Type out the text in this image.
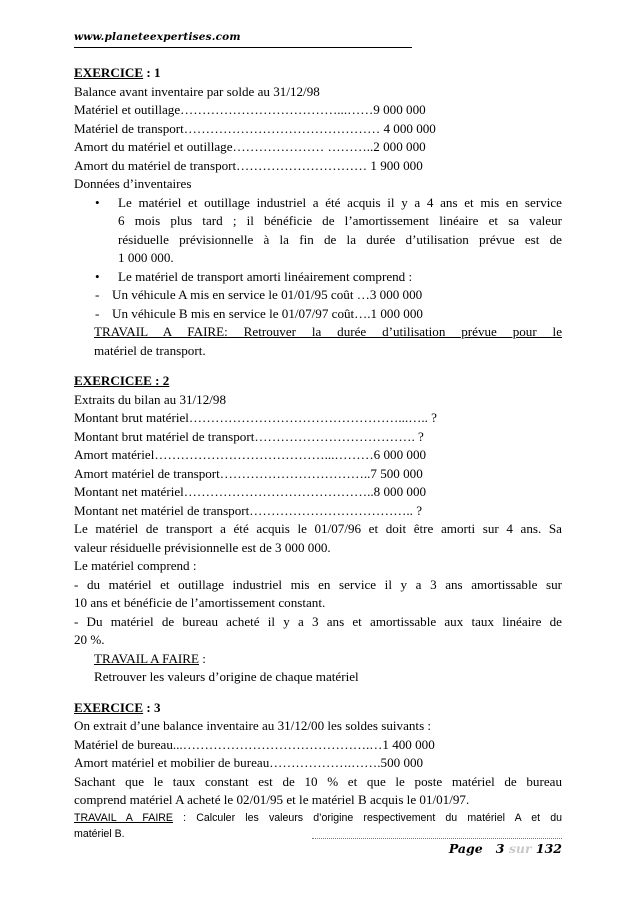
www.planeteexpertises.com
EXERCICE : 1
Balance avant inventaire par solde au 31/12/98
Matériel et outillage………………………………...……9 000 000
Matériel de transport……………………………………… 4 000 000
Amort du matériel et outillage………………… ………..2 000 000
Amort du matériel de transport………………………… 1 900 000
Données d’inventaires
• Le matériel et outillage industriel a été acquis il y a 4 ans et mis en service
6 mois plus tard ; il bénéficie de l’amortissement linéaire et sa valeur
résiduelle prévisionnelle à la fin de la durée d’utilisation prévue est de
1 000 000.
• Le matériel de transport amorti linéairement comprend :
- Un véhicule A mis en service le 01/01/95 coût …3 000 000
- Un véhicule B mis en service le 01/07/97 coût….1 000 000
TRAVAIL A FAIRE: Retrouver la durée d’utilisation prévue pour le
matériel de transport.
EXERCICEE : 2
Extraits du bilan au 31/12/98
Montant brut matériel…………………………………………...….. ?
Montant brut matériel de transport………………………………. ?
Amort matériel…………………………………...………6 000 000
Amort matériel de transport……………………………..7 500 000
Montant net matériel……………………………………..8 000 000
Montant net matériel de transport……………………………….. ?
Le matériel de transport a été acquis le 01/07/96 et doit être amorti sur 4 ans. Sa
valeur résiduelle prévisionnelle est de 3 000 000.
Le matériel comprend :
- du matériel et outillage industriel mis en service il y a 3 ans amortissable sur
10 ans et bénéficie de l’amortissement constant.
- Du matériel de bureau acheté il y a 3 ans et amortissable aux taux linéaire de
20 %.
TRAVAIL A FAIRE :
Retrouver les valeurs d’origine de chaque matériel
EXERCICE : 3
On extrait d’une balance inventaire au 31/12/00 les soldes suivants :
Matériel de bureau...…………………………………….…1 400 000
Amort matériel et mobilier de bureau……………….…….500 000
Sachant que le taux constant est de 10 % et que le poste matériel de bureau
comprend matériel A acheté le 02/01/95 et le matériel B acquis le 01/01/97.
TRAVAIL A FAIRE : Calculer les valeurs d’origine respectivement du matériel A et du
matériel B.
Page 3 sur 132
